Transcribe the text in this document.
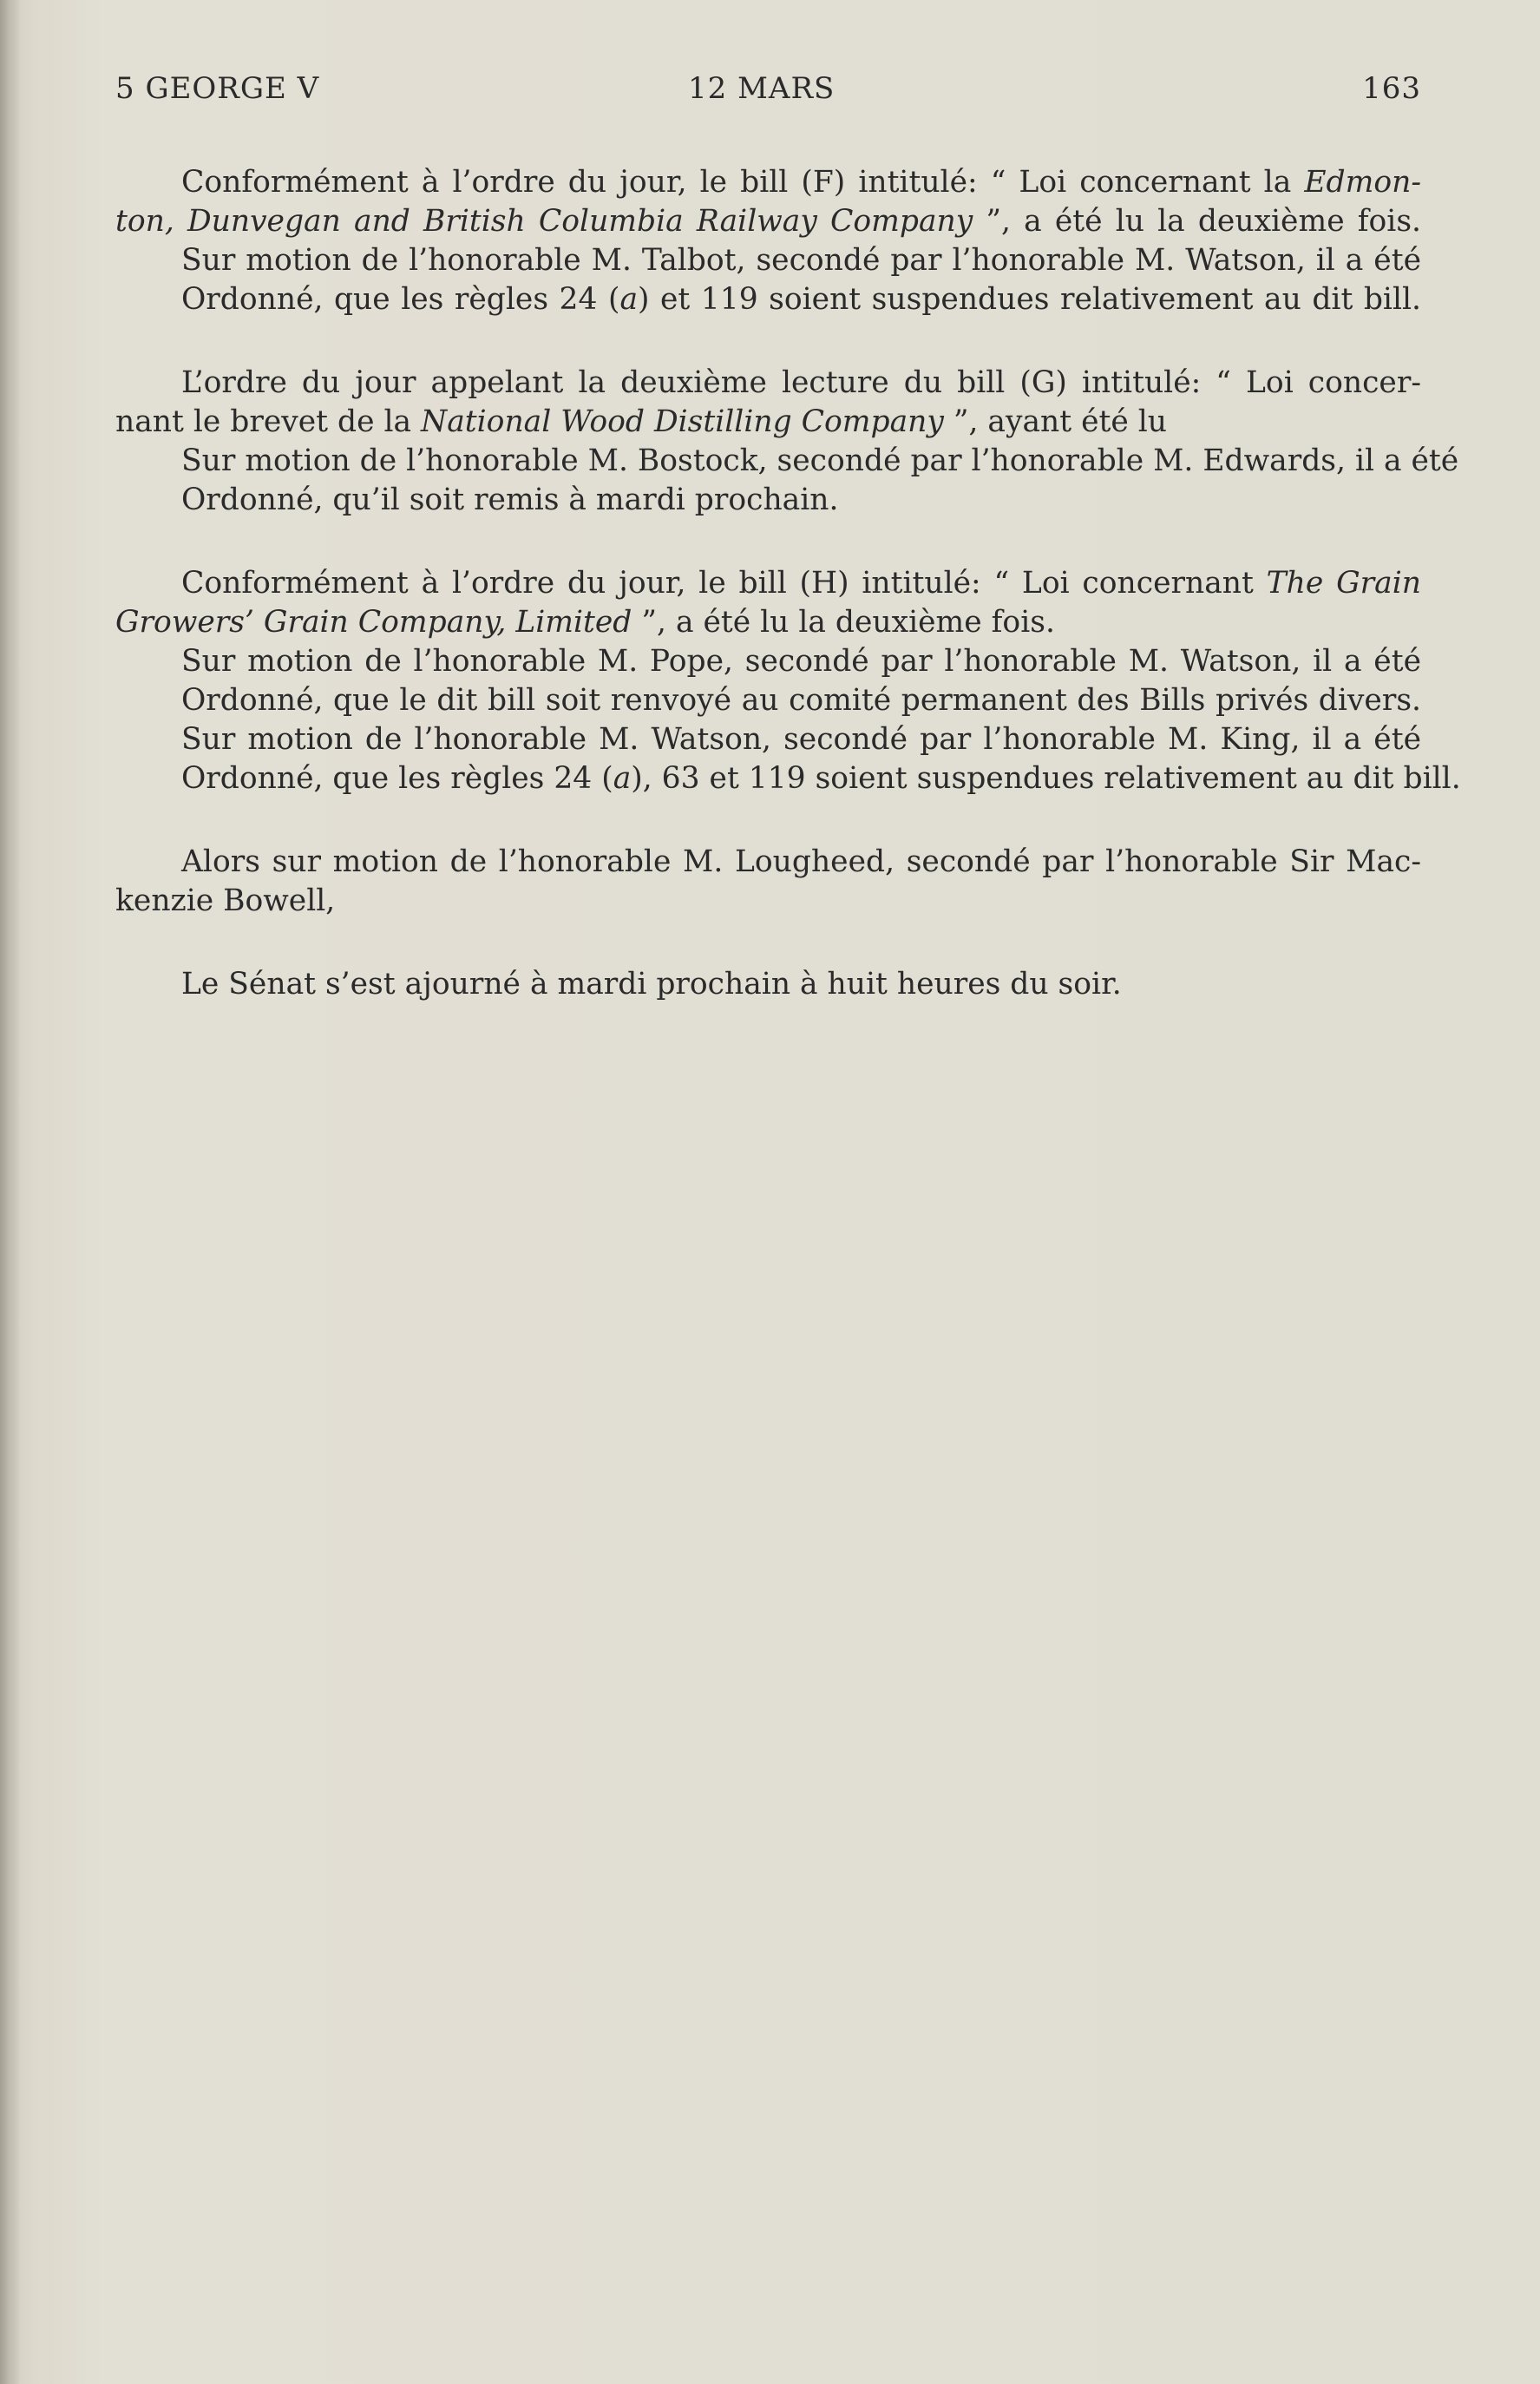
5 GEORGE V	12 MARS	163
Conformément à l’ordre du jour, le bill (F) intitulé: “ Loi concernant la Edmon-
ton, Dunvegan and British Columbia Railway Company ”, a été lu la deuxième fois.
Sur motion de l’honorable M. Talbot, secondé par l’honorable M. Watson, il a été
Ordonné, que les règles 24 (a) et 119 soient suspendues relativement au dit bill.
L’ordre du jour appelant la deuxième lecture du bill (G) intitulé: “ Loi concer-
nant le brevet de la National Wood Distilling Company ”, ayant été lu
Sur motion de l’honorable M. Bostock, secondé par l’honorable M. Edwards, il a été
Ordonné, qu’il soit remis à mardi prochain.
Conformément à l’ordre du jour, le bill (H) intitulé: “ Loi concernant The Grain
Growers’ Grain Company, Limited ”, a été lu la deuxième fois.
Sur motion de l’honorable M. Pope, secondé par l’honorable M. Watson, il a été
Ordonné, que le dit bill soit renvoyé au comité permanent des Bills privés divers.
Sur motion de l’honorable M. Watson, secondé par l’honorable M. King, il a été
Ordonné, que les règles 24 (a), 63 et 119 soient suspendues relativement au dit bill.
Alors sur motion de l’honorable M. Lougheed, secondé par l’honorable Sir Mac-
kenzie Bowell,
Le Sénat s’est ajourné à mardi prochain à huit heures du soir.
